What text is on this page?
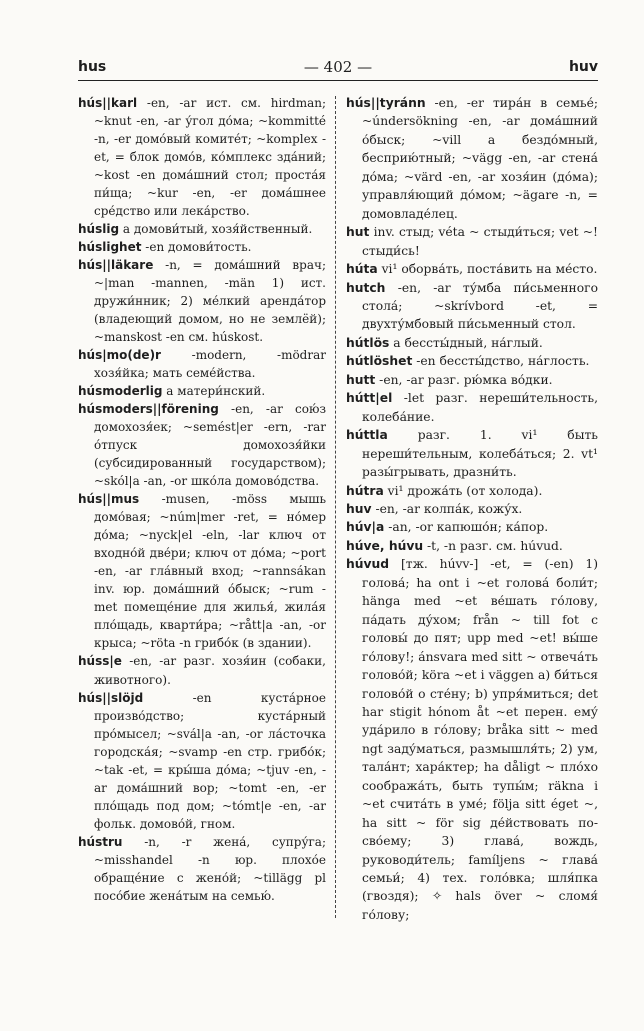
— 402 —
hus	huv

hús||karl -en, -ar ист. см. hirdman; ~knut -en, -ar у́гол до́ма; ~kommitté -n, -er домо́вый комите́т; ~komplex -et, = блок домо́в, ко́мплекс зда́ний; ~kost -en дома́шний стол; проста́я пи́ща; ~kur -en, -er дома́шнее сре́дство или лека́рство.

húslig a домови́тый, хозя́йственный.

húslighet -en домови́тость.

hús||läkare -n, = дома́шний врач; ~|man -mannen, -män 1) ист. дружи́нник; 2) ме́лкий аренда́тор (владеющий домом, но не землёй); ~manskost -en см. húskost.

hús|mo(de)r -modern, -mödrar хозя́йка; мать семе́йства.

húsmoderlig a матери́нский.

húsmoders||förening -en, -ar сою́з домохозя́ек; ~semést|er -ern, -rar о́тпуск домохозя́йки (субсидированный государством); ~skól|a -an, -or шко́ла домово́дства.

hús||mus -musen, -möss мышь домо́вая; ~núm|mer -ret, = но́мер до́ма; ~nyck|el -eln, -lar ключ от входно́й две́ри; ключ от до́ма; ~port -en, -ar гла́вный вход; ~rannsákan inv. юр. дома́шний о́быск; ~rum -met помеще́ние для жилья́, жила́я пло́щадь, кварти́ра; ~rått|a -an, -or крыса; ~röta -n грибо́к (в здании).

húss|e -en, -ar разг. хозя́ин (собаки, животного).

hús||slöjd -en куста́рное произво́дство; куста́рный про́мысел; ~svál|a -an, -or ла́сточка городска́я; ~svamp -en стр. грибо́к; ~tak -et, = кры́ша до́ма; ~tjuv -en, -ar дома́шний вор; ~tomt -en, -er пло́щадь под дом; ~tómt|e -en, -ar фольк. домово́й, гном.

hústru -n, -r жена́, супру́га; ~misshandel -n юр. плохо́е обраще́ние с жено́й; ~tillägg pl посо́бие жена́тым на семью́.

hús||tyránn -en, -er тира́н в семье́; ~úndersökning -en, -ar дома́шний о́быск; ~vill a бездо́мный, бесприю́тный; ~vägg -en, -ar стена́ до́ма; ~värd -en, -ar хозя́ин (до́ма); управля́ющий до́мом; ~ägare -n, = домовладе́лец.

hut inv. стыд; véta ~ стыди́ться; vet ~! стыди́сь!

húta vi¹ оборва́ть, поста́вить на ме́сто.

hutch -en, -ar ту́мба пи́сьменного стола́; ~skrívbord -et, = двухту́мбовый пи́сьменный стол.

hútlös a бессты́дный, на́глый.

hútlöshet -en бессты́дство, на́глость.

hutt -en, -ar разг. рю́мка во́дки.

hútt|el -let разг. нереши́тельность, колеба́ние.

húttla разг. 1. vi¹ быть нереши́тельным, колеба́ться; 2. vt¹ разы́грывать, дразни́ть.

hútra vi¹ дрожа́ть (от холода).

huv -en, -ar колпа́к, кожу́х.

húv|a -an, -or капюшо́н; ка́пор.

húve, húvu -t, -n разг. см. húvud.

húvud [тж. húvv-] -et, = (-en) 1) голова́; ha ont i ~et голова́ боли́т; hänga med ~et ве́шать го́лову, па́дать ду́хом; från ~ till fot с головы́ до пят; upp med ~et! вы́ше го́лову!; ánsvara med sitt ~ отвеча́ть голово́й; köra ~et i väggen а) би́ться голово́й о сте́ну; b) упря́миться; det har stigit hónom åt ~et перен. ему́ уда́рило в го́лову; bråka sitt ~ med ngt заду́маться, размышля́ть; 2) ум, тала́нт; хара́ктер; ha dåligt ~ пло́хо сообража́ть, быть тупы́м; räkna i ~et счита́ть в уме́; följa sitt éget ~, ha sitt ~ för sig де́йствовать по-сво́ему; 3) глава́, вождь, руководи́тель; famíljens ~ глава́ семьи́; 4) тех. голо́вка; шля́пка (гвоздя); ✧ hals över ~ сломя́ го́лову;
